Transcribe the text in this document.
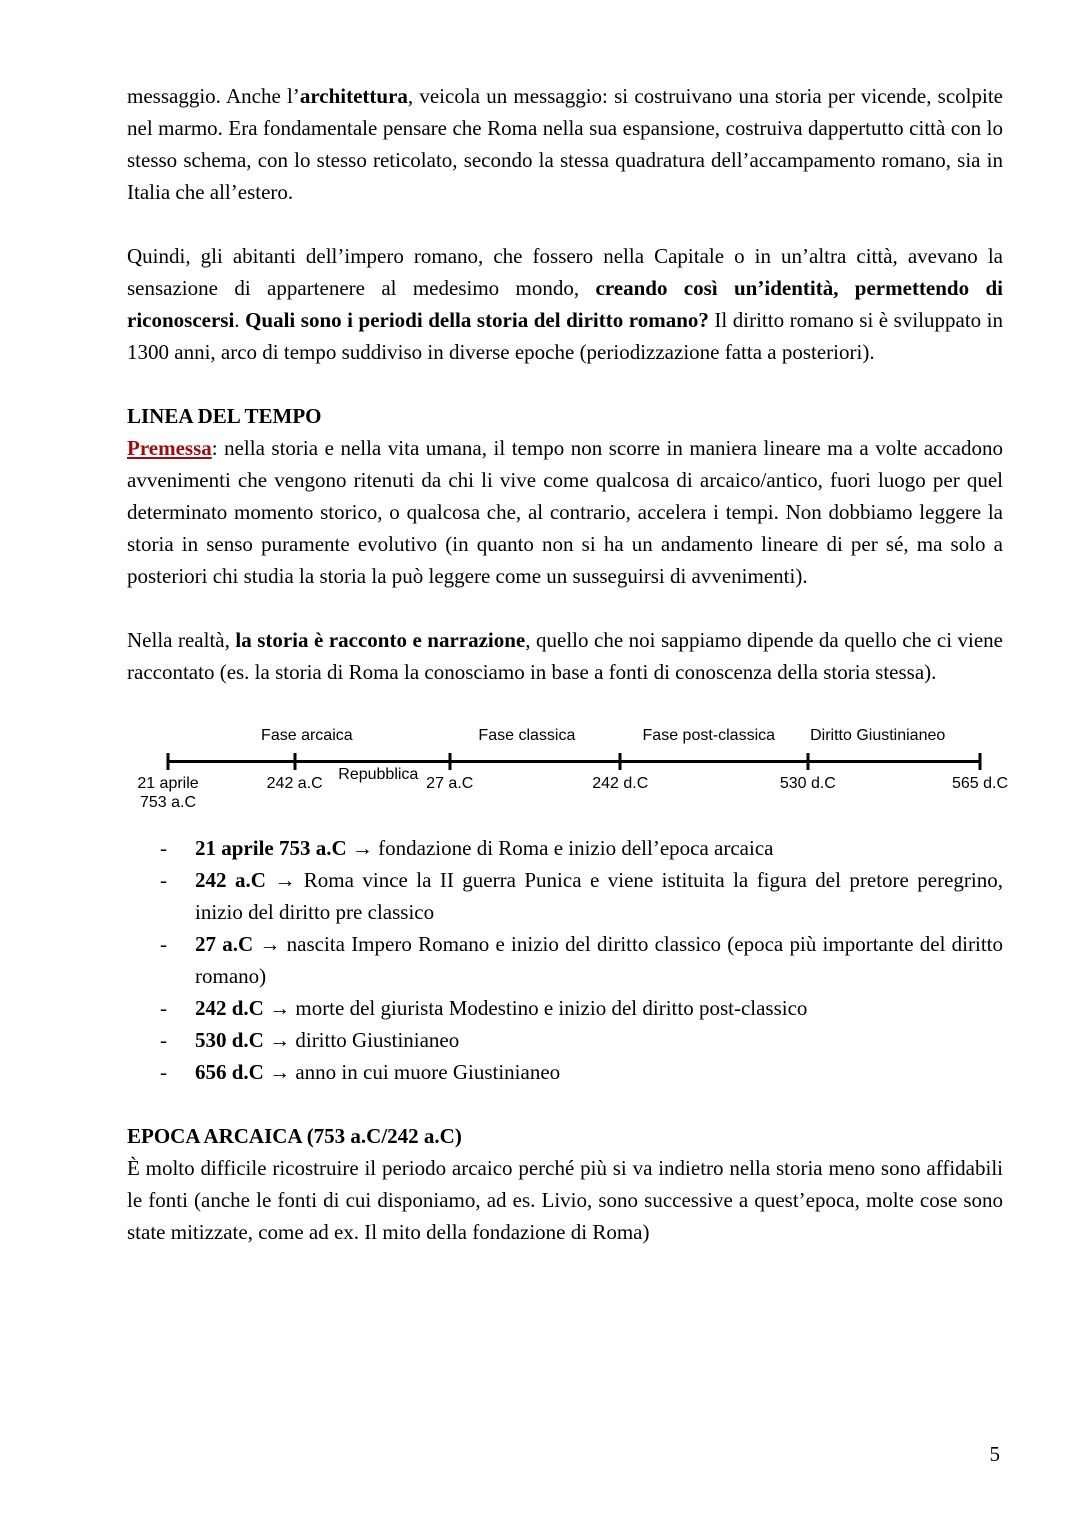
messaggio. Anche l’architettura, veicola un messaggio: si costruivano una storia per vicende, scolpite nel marmo. Era fondamentale pensare che Roma nella sua espansione, costruiva dappertutto città con lo stesso schema, con lo stesso reticolato, secondo la stessa quadratura dell’accampamento romano, sia in Italia che all’estero.

Quindi, gli abitanti dell’impero romano, che fossero nella Capitale o in un’altra città, avevano la sensazione di appartenere al medesimo mondo, creando così un’identità, permettendo di riconoscersi. Quali sono i periodi della storia del diritto romano? Il diritto romano si è sviluppato in 1300 anni, arco di tempo suddiviso in diverse epoche (periodizzazione fatta a posteriori).

LINEA DEL TEMPO

Premessa: nella storia e nella vita umana, il tempo non scorre in maniera lineare ma a volte accadono avvenimenti che vengono ritenuti da chi li vive come qualcosa di arcaico/antico, fuori luogo per quel determinato momento storico, o qualcosa che, al contrario, accelera i tempi. Non dobbiamo leggere la storia in senso puramente evolutivo (in quanto non si ha un andamento lineare di per sé, ma solo a posteriori chi studia la storia la può leggere come un susseguirsi di avvenimenti).

Nella realtà, la storia è racconto e narrazione, quello che noi sappiamo dipende da quello che ci viene raccontato (es. la storia di Roma la conosciamo in base a fonti di conoscenza della storia stessa).

Fase arcaica	Fase classica	Fase post-classica Diritto Giustinianeo
21 aprile
753 a.C
242 a.C
Repubblica
27 a.C	242 d.C	530 d.C	565 d.C
-	21 aprile 753 a.C → fondazione di Roma e inizio dell’epoca arcaica
-	242 a.C → Roma vince la II guerra Punica e viene istituita la figura del pretore peregrino, inizio del diritto pre classico
-	27 a.C → nascita Impero Romano e inizio del diritto classico (epoca più importante del diritto romano)
-	242 d.C → morte del giurista Modestino e inizio del diritto post-classico
-	530 d.C → diritto Giustinianeo
-	656 d.C → anno in cui muore Giustinianeo
EPOCA ARCAICA (753 a.C/242 a.C)

È molto difficile ricostruire il periodo arcaico perché più si va indietro nella storia meno sono affidabili le fonti (anche le fonti di cui disponiamo, ad es. Livio, sono successive a quest’epoca, molte cose sono state mitizzate, come ad ex. Il mito della fondazione di Roma)

5
